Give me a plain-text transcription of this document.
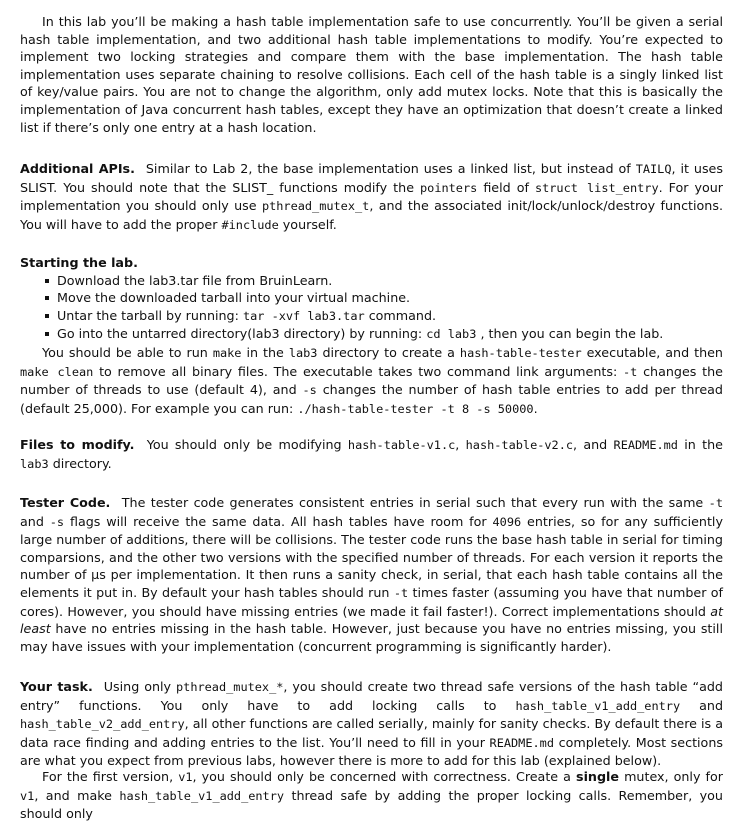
In this lab you’ll be making a hash table implementation safe to use concurrently. You’ll be given a serial hash table implementation, and two additional hash table implementations to modify. You’re expected to implement two locking strategies and compare them with the base implementation. The hash table implementation uses separate chaining to resolve collisions. Each cell of the hash table is a singly linked list of key/value pairs. You are not to change the algorithm, only add mutex locks. Note that this is basically the implementation of Java concurrent hash tables, except they have an optimization that doesn’t create a linked list if there’s only one entry at a hash location.

Additional APIs. Similar to Lab 2, the base implementation uses a linked list, but instead of TAILQ, it uses SLIST. You should note that the SLIST_ functions modify the pointers field of struct list_entry. For your implementation you should only use pthread_mutex_t, and the associated init/lock/unlock/destroy functions. You will have to add the proper #include yourself.

Starting the lab.
Download the lab3.tar file from BruinLearn.
Move the downloaded tarball into your virtual machine.
Untar the tarball by running: tar -xvf lab3.tar command.
Go into the untarred directory(lab3 directory) by running: cd lab3 , then you can begin the lab.

You should be able to run make in the lab3 directory to create a hash-table-tester executable, and then make clean to remove all binary files. The executable takes two command link arguments: -t changes the number of threads to use (default 4), and -s changes the number of hash table entries to add per thread (default 25,000). For example you can run: ./hash-table-tester -t 8 -s 50000.

Files to modify. You should only be modifying hash-table-v1.c, hash-table-v2.c, and README.md in the lab3 directory.

Tester Code. The tester code generates consistent entries in serial such that every run with the same -t and -s flags will receive the same data. All hash tables have room for 4096 entries, so for any sufficiently large number of additions, there will be collisions. The tester code runs the base hash table in serial for timing comparsions, and the other two versions with the specified number of threads. For each version it reports the number of μs per implementation. It then runs a sanity check, in serial, that each hash table contains all the elements it put in. By default your hash tables should run -t times faster (assuming you have that number of cores). However, you should have missing entries (we made it fail faster!). Correct implementations should at least have no entries missing in the hash table. However, just because you have no entries missing, you still may have issues with your implementation (concurrent programming is significantly harder).

Your task. Using only pthread_mutex_*, you should create two thread safe versions of the hash table “add entry” functions. You only have to add locking calls to hash_table_v1_add_entry and hash_table_v2_add_entry, all other functions are called serially, mainly for sanity checks. By default there is a data race finding and adding entries to the list. You’ll need to fill in your README.md completely. Most sections are what you expect from previous labs, however there is more to add for this lab (explained below).

For the first version, v1, you should only be concerned with correctness. Create a single mutex, only for v1, and make hash_table_v1_add_entry thread safe by adding the proper locking calls. Remember, you should only
